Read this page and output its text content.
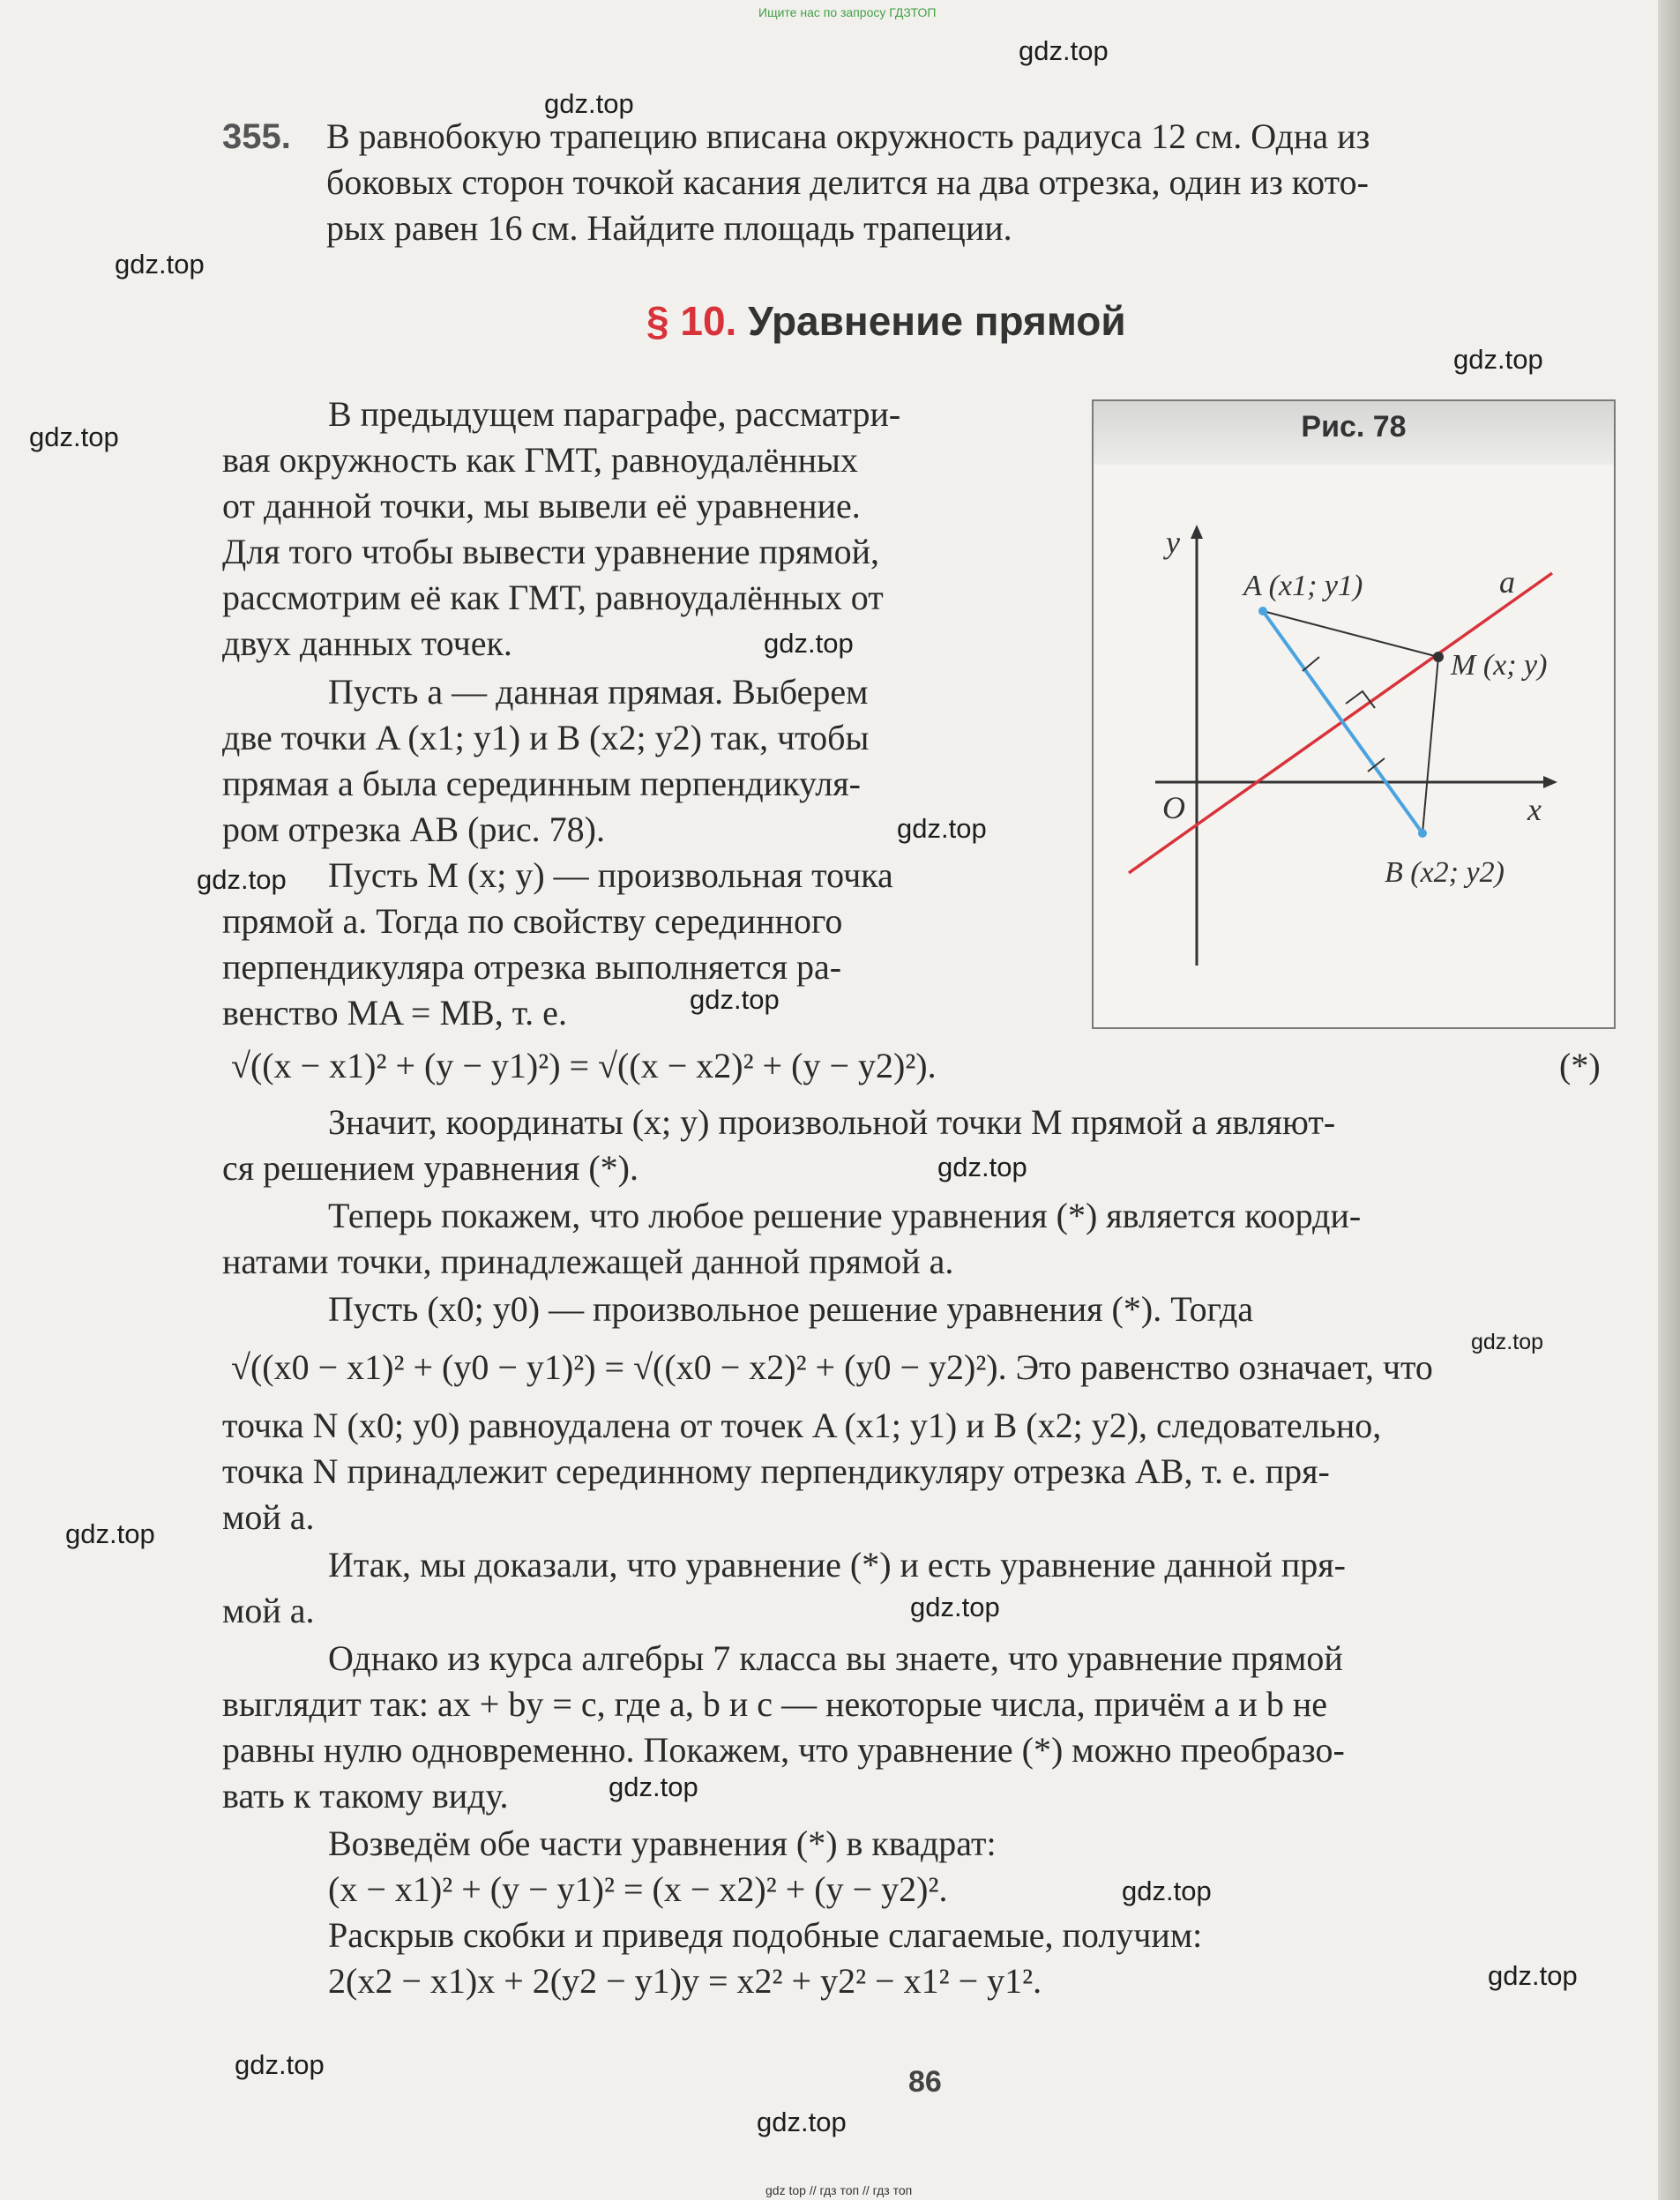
Ищите нас по запросу ГДЗТОП
gdz.top
gdz.top
gdz.top
gdz.top
gdz.top
gdz.top
gdz.top
gdz.top
gdz.top
gdz.top
gdz.top
gdz.top
gdz.top
gdz.top
gdz.top
gdz.top
gdz.top
gdz.top
gdz top // гдз топ // гдз топ
355. В равнобокую трапецию вписана окружность радиуса 12 см. Одна из
боковых сторон точкой касания делится на два отрезка, один из кото-
рых равен 16 см. Найдите площадь трапеции.
§ 10. Уравнение прямой
Рис. 78
y
x
O
a
A (x1; y1)
B (x2; y2)
M (x; y)
В предыдущем параграфе, рассматри-
вая окружность как ГМТ, равноудалённых
от данной точки, мы вывели её уравнение.
Для того чтобы вывести уравнение прямой,
рассмотрим её как ГМТ, равноудалённых от
двух данных точек.
Пусть a — данная прямая. Выберем
две точки A (x1; y1) и B (x2; y2) так, чтобы
прямая a была серединным перпендикуля-
ром отрезка AB (рис. 78).
Пусть M (x; y) — произвольная точка
прямой a. Тогда по свойству серединного
перпендикуляра отрезка выполняется ра-
венство MA = MB, т. е.
√((x − x1)² + (y − y1)²) = √((x − x2)² + (y − y2)²).	(*)
Значит, координаты (x; y) произвольной точки M прямой a являют-
ся решением уравнения (*).
Теперь покажем, что любое решение уравнения (*) является коорди-
натами точки, принадлежащей данной прямой a.
Пусть (x0; y0) — произвольное решение уравнения (*). Тогда
√((x0 − x1)² + (y0 − y1)²) = √((x0 − x2)² + (y0 − y2)²). Это равенство означает, что
точка N (x0; y0) равноудалена от точек A (x1; y1) и B (x2; y2), следовательно,
точка N принадлежит серединному перпендикуляру отрезка AB, т. е. пря-
мой a.
Итак, мы доказали, что уравнение (*) и есть уравнение данной пря-
мой a.
Однако из курса алгебры 7 класса вы знаете, что уравнение прямой
выглядит так: ax + by = c, где a, b и c — некоторые числа, причём a и b не
равны нулю одновременно. Покажем, что уравнение (*) можно преобразо-
вать к такому виду.
Возведём обе части уравнения (*) в квадрат:
(x − x1)² + (y − y1)² = (x − x2)² + (y − y2)².
Раскрыв скобки и приведя подобные слагаемые, получим:
2(x2 − x1)x + 2(y2 − y1)y = x2² + y2² − x1² − y1².
86
